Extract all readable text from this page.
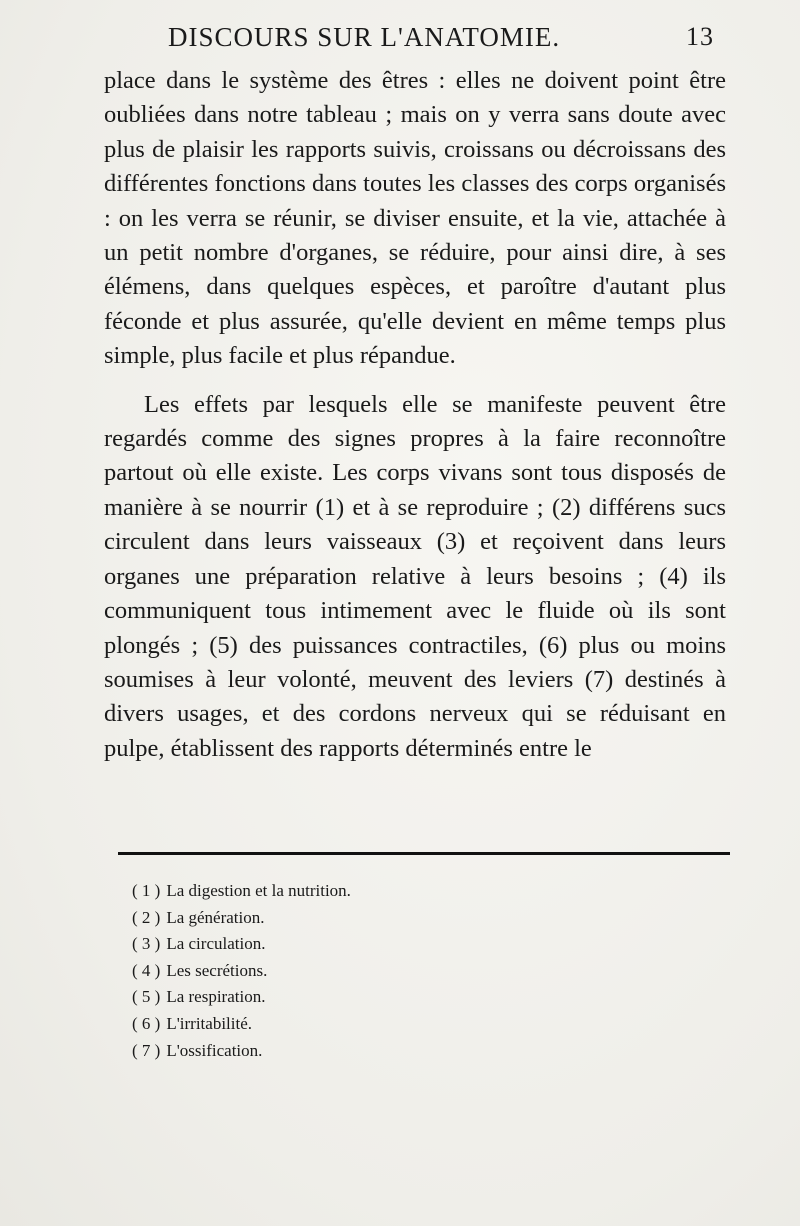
DISCOURS SUR L'ANATOMIE.	13

place dans le système des êtres : elles ne doivent point être oubliées dans notre tableau ; mais on y verra sans doute avec plus de plaisir les rapports suivis, croissans ou décroissans des différentes fonctions dans toutes les classes des corps organisés : on les verra se réunir, se diviser ensuite, et la vie, attachée à un petit nombre d'organes, se réduire, pour ainsi dire, à ses élémens, dans quelques espèces, et paroître d'autant plus féconde et plus assurée, qu'elle devient en même temps plus simple, plus facile et plus répandue.

Les effets par lesquels elle se manifeste peuvent être regardés comme des signes propres à la faire reconnoître partout où elle existe. Les corps vivans sont tous disposés de manière à se nourrir (1) et à se reproduire ; (2) différens sucs circulent dans leurs vaisseaux (3) et reçoivent dans leurs organes une préparation relative à leurs besoins ; (4) ils communiquent tous intimement avec le fluide où ils sont plongés ; (5) des puissances contractiles, (6) plus ou moins soumises à leur volonté, meuvent des leviers (7) destinés à divers usages, et des cordons nerveux qui se réduisant en pulpe, établissent des rapports déterminés entre le

( 1 ) La digestion et la nutrition.
( 2 ) La génération.
( 3 ) La circulation.
( 4 ) Les secrétions.
( 5 ) La respiration.
( 6 ) L'irritabilité.
( 7 ) L'ossification.
